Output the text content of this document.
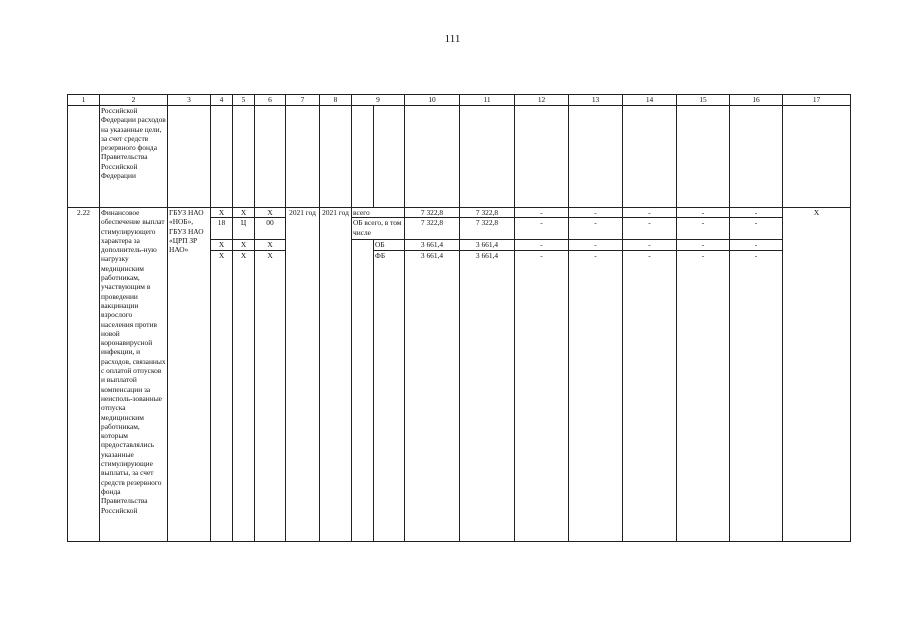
111
1	2	3	4	5	6	7	8	9		10	11	12	13	14	15	16	17
	Российской Федерации расходов на указанные цели, за счет средств резервного фонда Правительства Российской Федерации																
2.22	Финансовое обеспечение выплат стимулирующего характера за дополнитель-ную нагрузку медицинским работникам, участвующим в проведении вакцинации взрослого населения против новой коронавирусной инфекции, и расходов, связанных с оплатой отпусков и выплатой компенсации за неисполь-зованные отпуска медицинским работникам, которым предоставлялись указанные стимулирующие выплаты, за счет средств резервного фонда Правительства Российской	ГБУЗ НАО «НОБ», ГБУЗ НАО «ЦРП ЗР НАО»	Х	Х	Х	2021 год	2021 год	всего		7 322,8	7 322,8	-	-	-	-	-	Х
			18	Ц	00			ОБ всего, в том числе		7 322,8	7 322,8	-	-	-	-	-	
			Х	Х	Х				ОБ	3 661,4	3 661,4	-	-	-	-	-	
			Х	Х	Х				ФБ	3 661,4	3 661,4	-	-	-	-	-	
